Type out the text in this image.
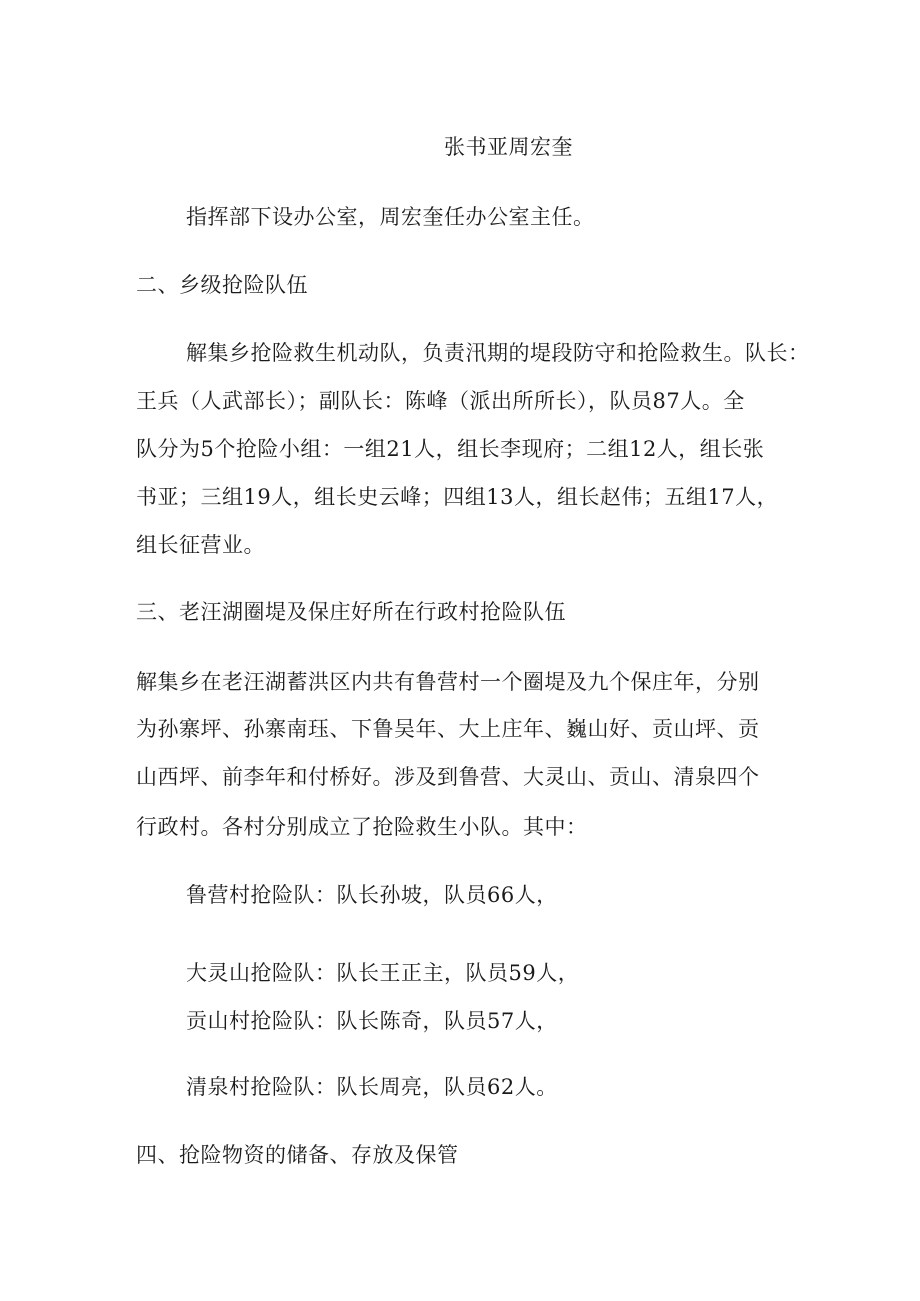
张书亚周宏奎
指挥部下设办公室，周宏奎任办公室主任。
二、乡级抢险队伍
解集乡抢险救生机动队，负责汛期的堤段防守和抢险救生。队长：
王兵（人武部长）；副队长：陈峰（派出所所长），队员87人。全
队分为5个抢险小组：一组21人，组长李现府；二组12人，组长张
书亚；三组19人，组长史云峰；四组13人，组长赵伟；五组17人，
组长征营业。
三、老汪湖圈堤及保庄好所在行政村抢险队伍
解集乡在老汪湖蓄洪区内共有鲁营村一个圈堤及九个保庄年，分别
为孙寨坪、孙寨南珏、下鲁吴年、大上庄年、巍山好、贡山坪、贡
山西坪、前李年和付桥好。涉及到鲁营、大灵山、贡山、清泉四个
行政村。各村分别成立了抢险救生小队。其中：
鲁营村抢险队：队长孙坡，队员66人，
大灵山抢险队：队长王正主，队员59人，
贡山村抢险队：队长陈奇，队员57人，
清泉村抢险队：队长周亮，队员62人。
四、抢险物资的储备、存放及保管
